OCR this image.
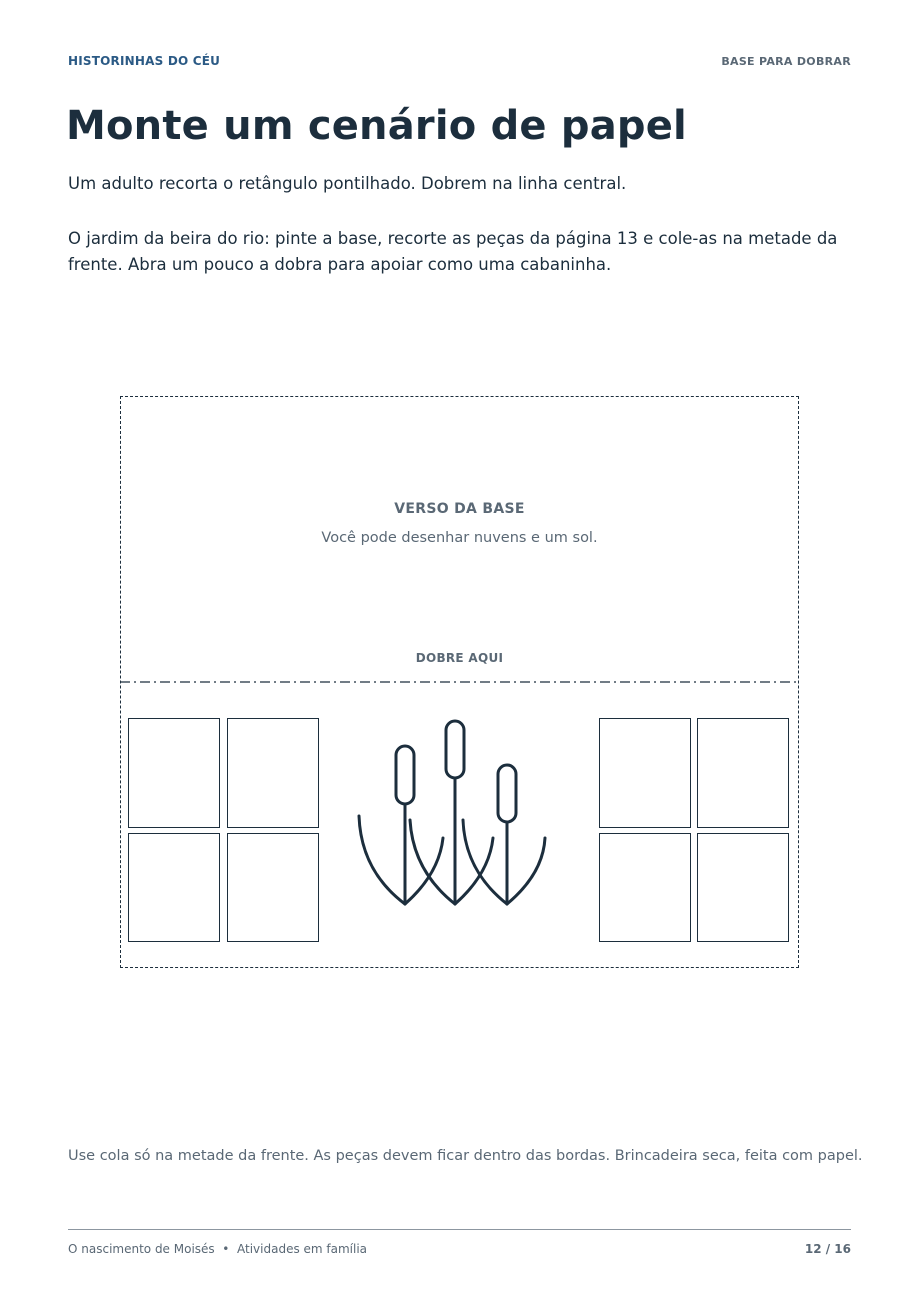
HISTORINHAS DO CÉU	BASE PARA DOBRAR
Monte um cenário de papel
Um adulto recorta o retângulo pontilhado. Dobrem na linha central.
O jardim da beira do rio: pinte a base, recorte as peças da página 13 e cole-as na metade da frente. Abra um pouco a dobra para apoiar como uma cabaninha.
VERSO DA BASE
Você pode desenhar nuvens e um sol.
DOBRE AQUI
Use cola só na metade da frente. As peças devem ficar dentro das bordas. Brincadeira seca, feita com papel.
O nascimento de Moisés  •  Atividades em família	12 / 16
